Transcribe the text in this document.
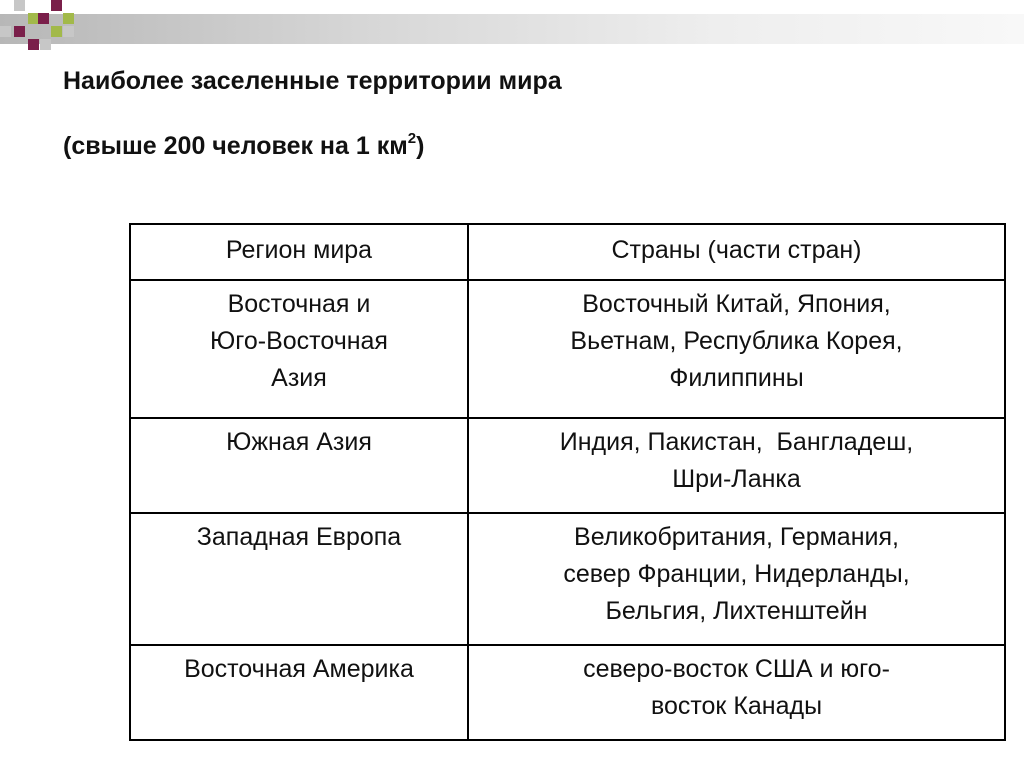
Наиболее заселенные территории мира
(свыше 200 человек на 1 $км^2$)
Регион мира	Страны (части стран)

Восточная и
Юго-Восточная
Азия	Восточный Китай, Япония,
Вьетнам, Республика Корея,
Филиппины

Южная Азия	Индия, Пакистан,  Бангладеш,
Шри-Ланка

Западная Европа	Великобритания, Германия,
север Франции, Нидерланды,
Бельгия, Лихтенштейн

Восточная Америка	северо-восток США и юго-
восток Канады
